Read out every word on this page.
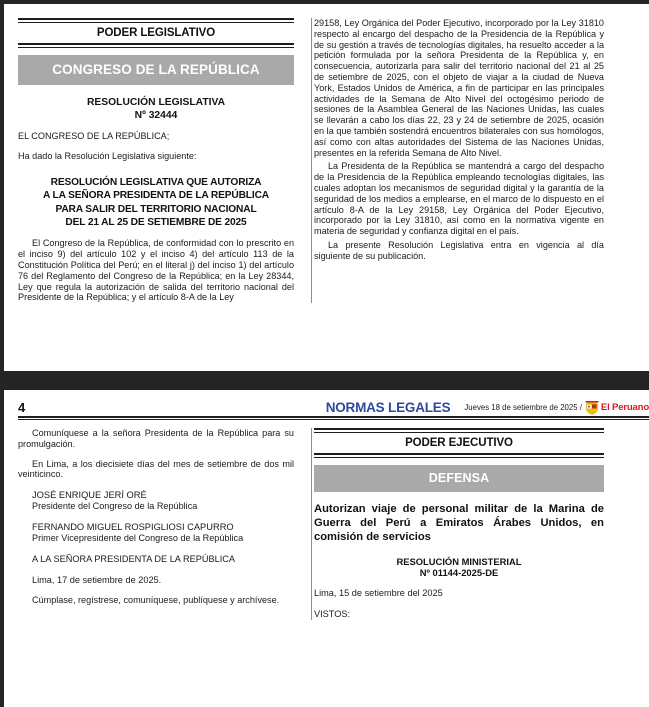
PODER LEGISLATIVO
CONGRESO DE LA REPÚBLICA
RESOLUCIÓN LEGISLATIVA
Nº 32444

EL CONGRESO DE LA REPÚBLICA;

Ha dado la Resolución Legislativa siguiente:

RESOLUCIÓN LEGISLATIVA QUE AUTORIZA
A LA SEÑORA PRESIDENTA DE LA REPÚBLICA
PARA SALIR DEL TERRITORIO NACIONAL
DEL 21 AL 25 DE SETIEMBRE DE 2025

El Congreso de la República, de conformidad con lo prescrito en el inciso 9) del artículo 102 y el inciso 4) del artículo 113 de la Constitución Política del Perú; en el literal j) del inciso 1) del artículo 76 del Reglamento del Congreso de la República; en la Ley 28344, Ley que regula la autorización de salida del territorio nacional del Presidente de la República; y el artículo 8-A de la Ley

29158, Ley Orgánica del Poder Ejecutivo, incorporado por la Ley 31810 respecto al encargo del despacho de la Presidencia de la República y de su gestión a través de tecnologías digitales, ha resuelto acceder a la petición formulada por la señora Presidenta de la República y, en consecuencia, autorizarla para salir del territorio nacional del 21 al 25 de setiembre de 2025, con el objeto de viajar a la ciudad de Nueva York, Estados Unidos de América, a fin de participar en las principales actividades de la Semana de Alto Nivel del octogésimo periodo de sesiones de la Asamblea General de las Naciones Unidas, las cuales se llevarán a cabo los días 22, 23 y 24 de setiembre de 2025, ocasión en la que también sostendrá encuentros bilaterales con sus homólogos, así como con altas autoridades del Sistema de las Naciones Unidas, presentes en la referida Semana de Alto Nivel.

La Presidenta de la República se mantendrá a cargo del despacho de la Presidencia de la República empleando tecnologías digitales, las cuales adoptan los mecanismos de seguridad digital y la garantía de la seguridad de los medios a emplearse, en el marco de lo dispuesto en el artículo 8-A de la Ley 29158, Ley Orgánica del Poder Ejecutivo, incorporado por la Ley 31810, así como en la normativa vigente en materia de seguridad y confianza digital en el país.

La presente Resolución Legislativa entra en vigencia al día siguiente de su publicación.

4	NORMAS LEGALES	Jueves 18 de setiembre de 2025 / El Peruano

Comuníquese a la señora Presidenta de la República para su promulgación.

En Lima, a los diecisiete días del mes de setiembre de dos mil veinticinco.

JOSÉ ENRIQUE JERÍ ORÉ
Presidente del Congreso de la República
FERNANDO MIGUEL ROSPIGLIOSI CAPURRO
Primer Vicepresidente del Congreso de la República
A LA SEÑORA PRESIDENTA DE LA REPÚBLICA
Lima, 17 de setiembre de 2025.

Cúmplase, regístrese, comuníquese, publíquese y archívese.

PODER EJECUTIVO
DEFENSA
Autorizan viaje de personal militar de la Marina de Guerra del Perú a Emiratos Árabes Unidos, en comisión de servicios
RESOLUCIÓN MINISTERIAL
Nº 01144-2025-DE
Lima, 15 de setiembre del 2025
VISTOS:
